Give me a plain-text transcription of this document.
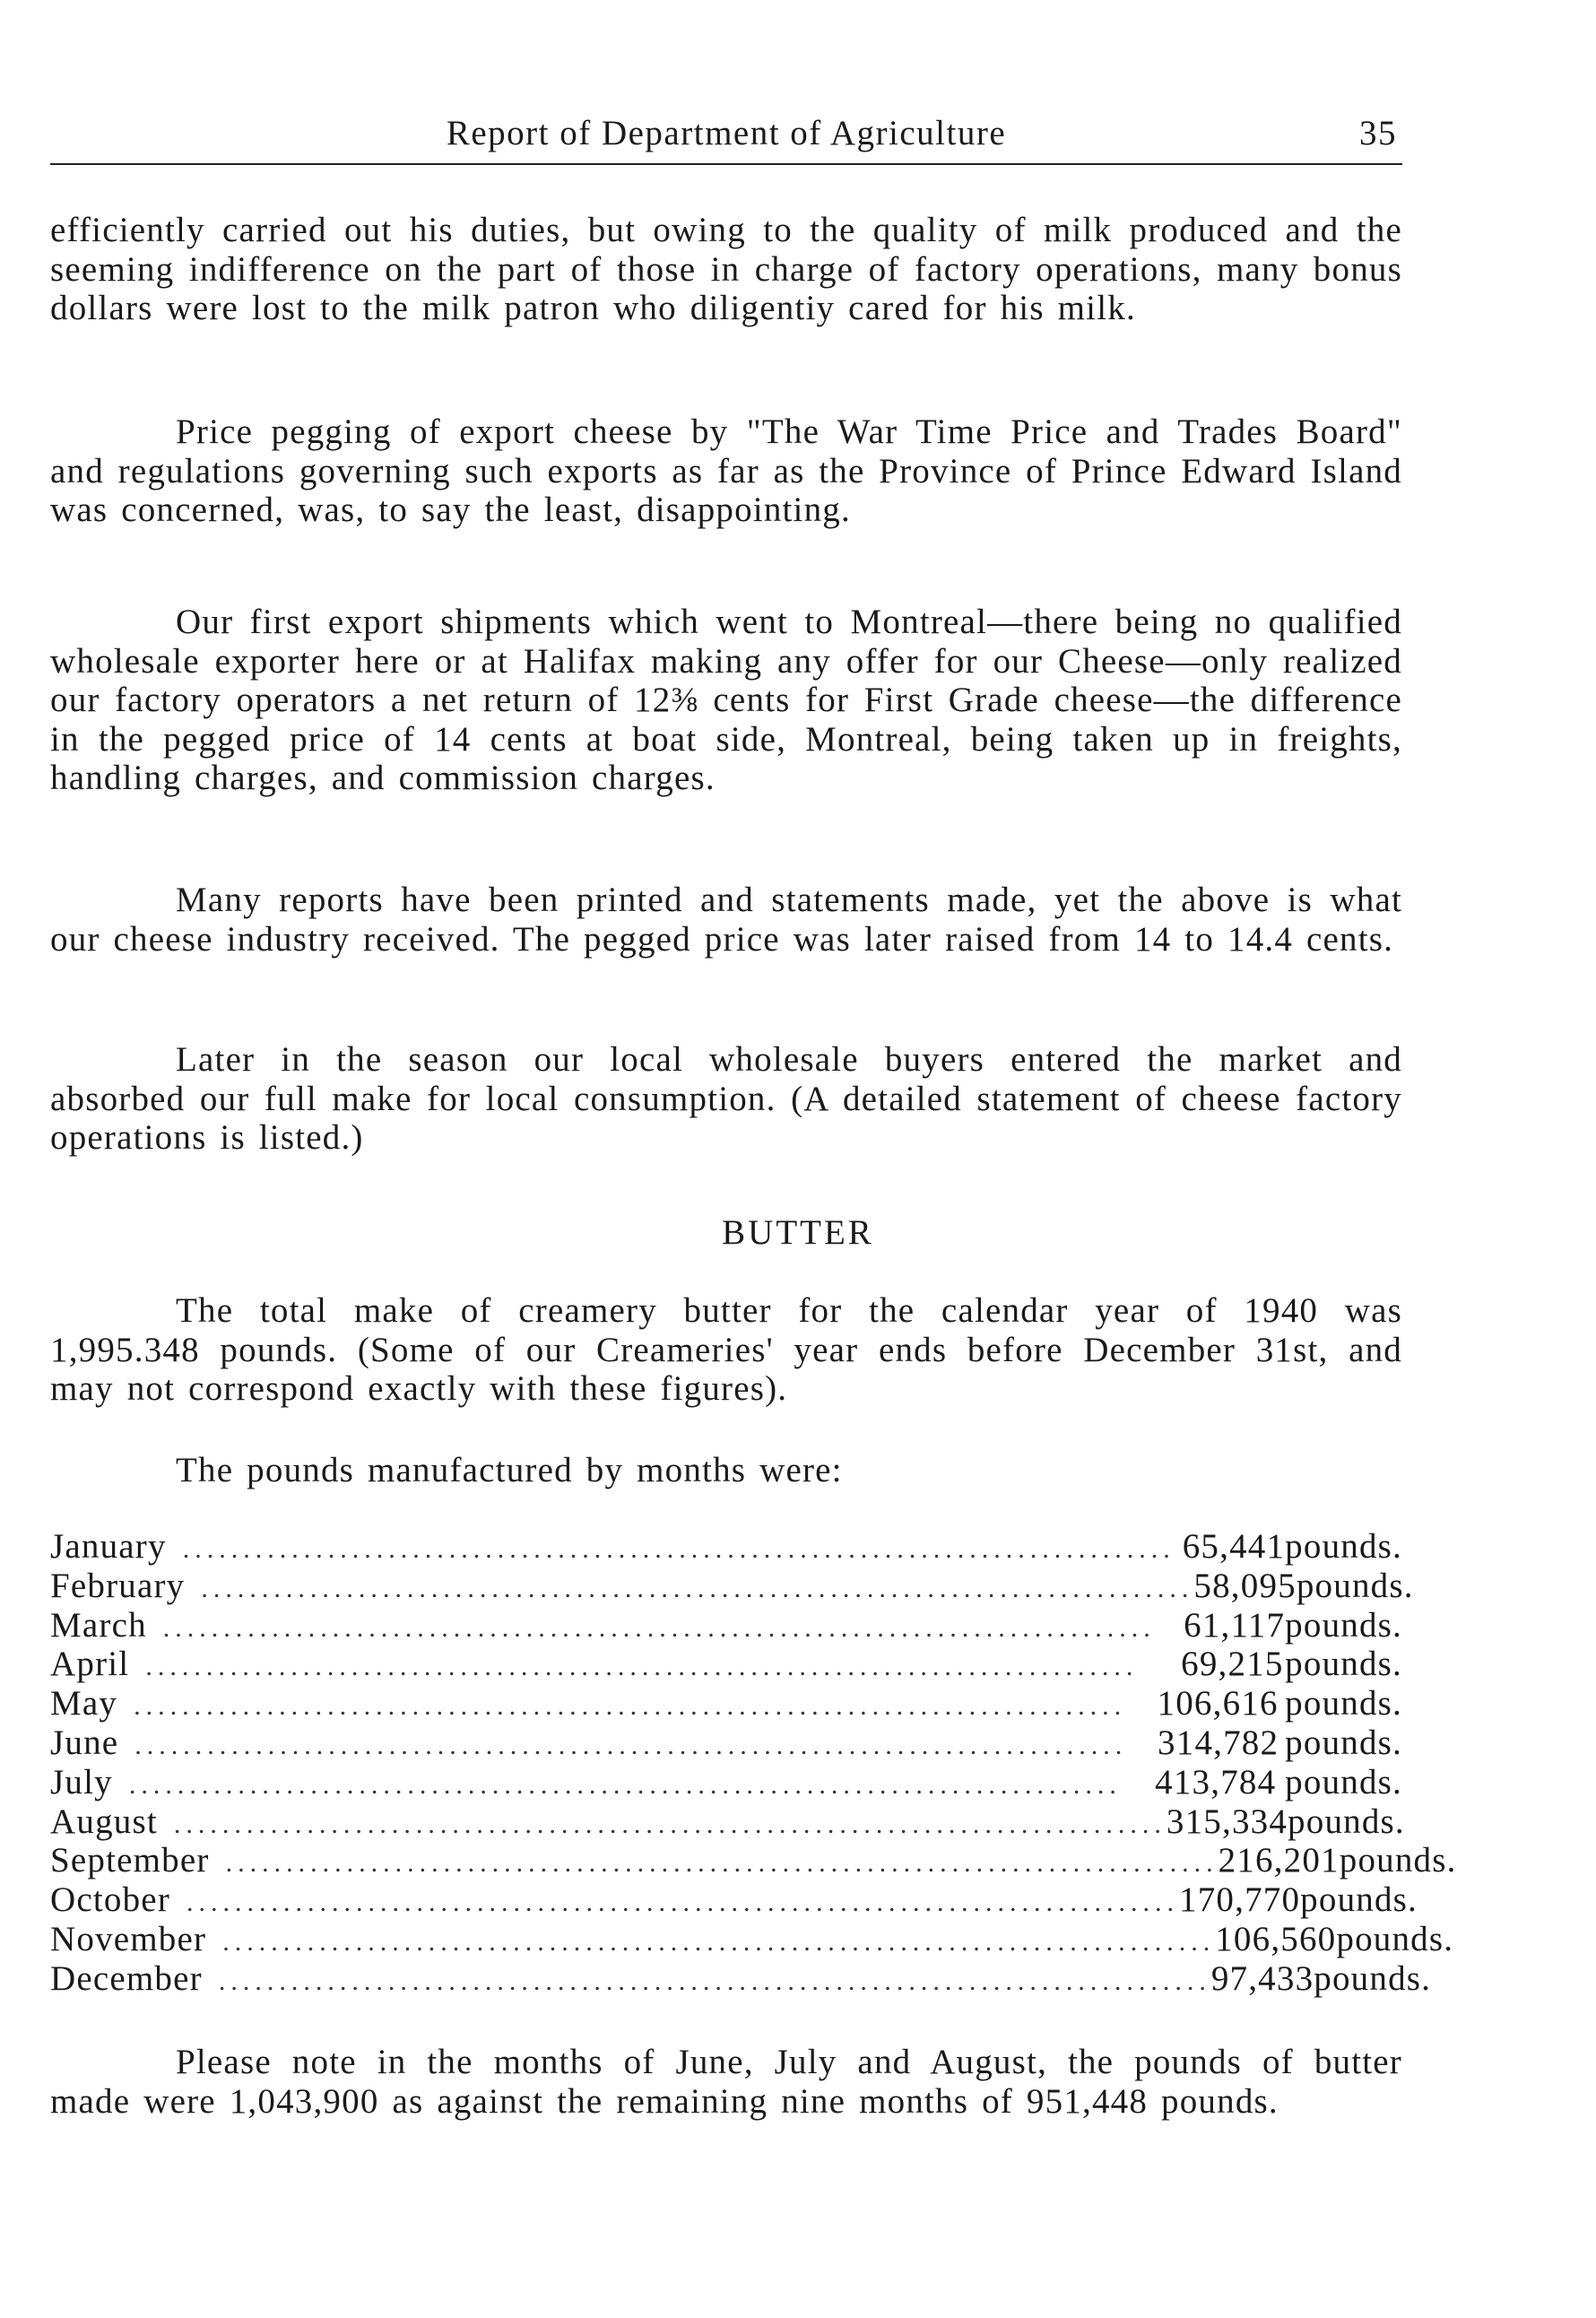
Report of Department of Agriculture	35

efficiently carried out his duties, but owing to the quality of milk produced and the seeming indifference on the part of those in charge of factory operations, many bonus dollars were lost to the milk patron who diligentiy cared for his milk.

Price pegging of export cheese by "The War Time Price and Trades Board" and regulations governing such exports as far as the Province of Prince Edward Island was concerned, was, to say the least, disappointing.

Our first export shipments which went to Montreal—there being no qualified wholesale exporter here or at Halifax making any offer for our Cheese—only realized our factory operators a net return of 12⅜ cents for First Grade cheese—the difference in the pegged price of 14 cents at boat side, Montreal, being taken up in freights, handling charges, and commission charges.

Many reports have been printed and statements made, yet the above is what our cheese industry received. The pegged price was later raised from 14 to 14.4 cents.

Later in the season our local wholesale buyers entered the market and absorbed our full make for local consumption. (A detailed statement of cheese factory operations is listed.)

BUTTER

The total make of creamery butter for the calendar year of 1940 was 1,995.348 pounds. (Some of our Creameries' year ends before December 31st, and may not correspond exactly with these figures).

The pounds manufactured by months were:

January .................................................................................. 65,441 pounds.
February .................................................................................. 58,095 pounds.
March .................................................................................. 61,117 pounds.
April ..................................................................................	69,215 pounds.
May .................................................................................. 106,616 pounds.
June .................................................................................. 314,782 pounds.
July .................................................................................. 413,784 pounds.
August .................................................................................. 315,334 pounds.
September .................................................................................. 216,201 pounds.
October .................................................................................. 170,770 pounds.
November .................................................................................. 106,560 pounds.
December .................................................................................. 97,433 pounds.

Please note in the months of June, July and August, the pounds of butter made were 1,043,900 as against the remaining nine months of 951,448 pounds.
